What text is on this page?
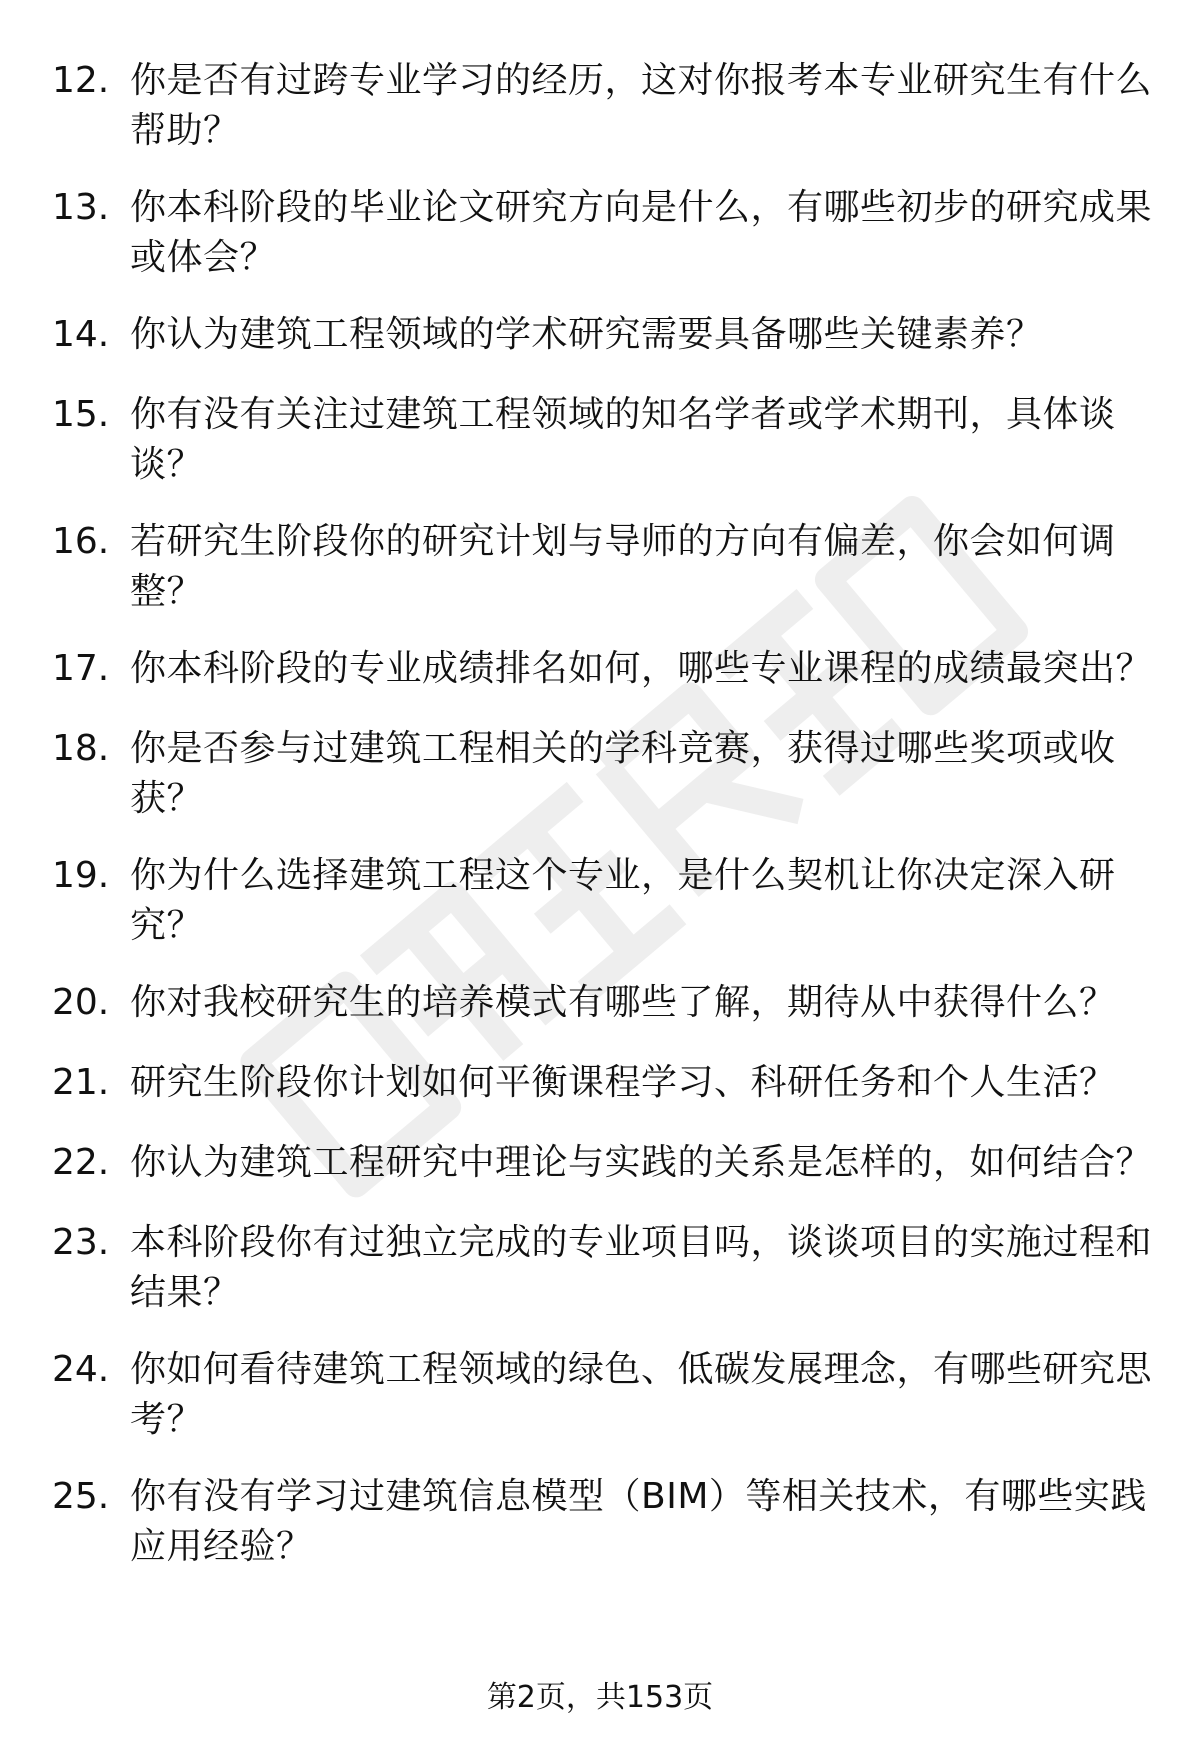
12. 你是否有过跨专业学习的经历，这对你报考本专业研究生有什么帮助？
13. 你本科阶段的毕业论文研究方向是什么，有哪些初步的研究成果或体会？
14. 你认为建筑工程领域的学术研究需要具备哪些关键素养？
15. 你有没有关注过建筑工程领域的知名学者或学术期刊，具体谈谈？
16. 若研究生阶段你的研究计划与导师的方向有偏差，你会如何调整？
17. 你本科阶段的专业成绩排名如何，哪些专业课程的成绩最突出？
18. 你是否参与过建筑工程相关的学科竞赛，获得过哪些奖项或收获？
19. 你为什么选择建筑工程这个专业，是什么契机让你决定深入研究？
20. 你对我校研究生的培养模式有哪些了解，期待从中获得什么？
21. 研究生阶段你计划如何平衡课程学习、科研任务和个人生活？
22. 你认为建筑工程研究中理论与实践的关系是怎样的，如何结合？
23. 本科阶段你有过独立完成的专业项目吗，谈谈项目的实施过程和结果？
24. 你如何看待建筑工程领域的绿色、低碳发展理念，有哪些研究思考？
25. 你有没有学习过建筑信息模型（BIM）等相关技术，有哪些实践应用经验？
第2页，共153页
